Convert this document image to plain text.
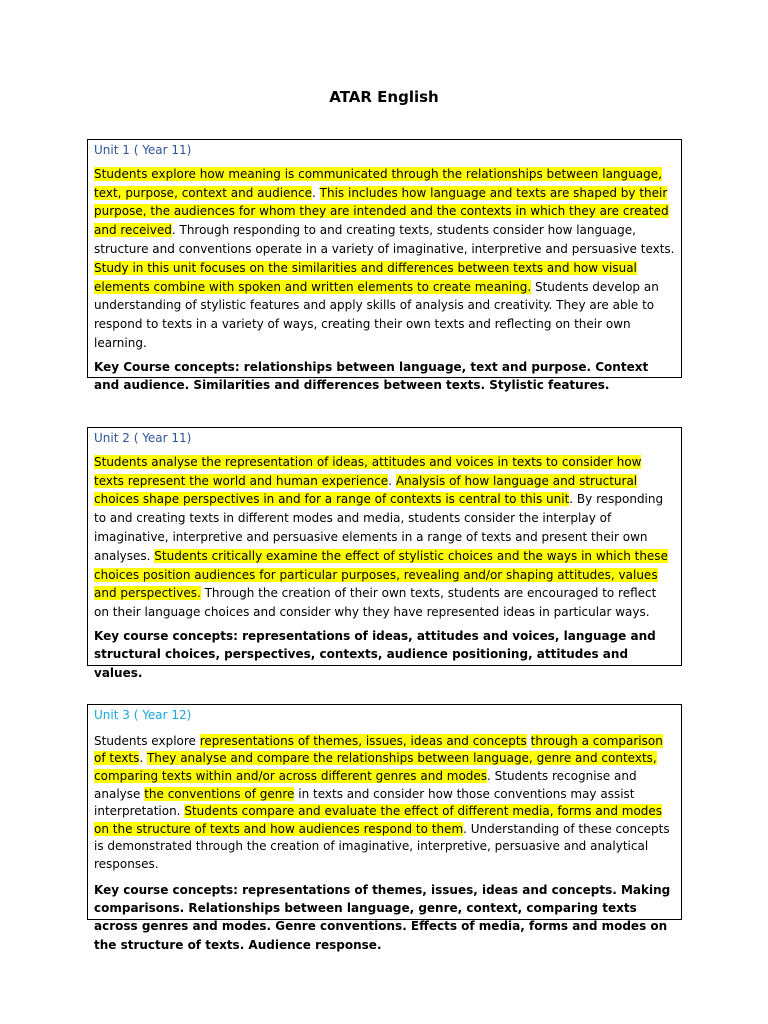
ATAR English
Unit 1 ( Year 11)

Students explore how meaning is communicated through the relationships between language, text, purpose, context and audience. This includes how language and texts are shaped by their purpose, the audiences for whom they are intended and the contexts in which they are created and received. Through responding to and creating texts, students consider how language, structure and conventions operate in a variety of imaginative, interpretive and persuasive texts. Study in this unit focuses on the similarities and differences between texts and how visual elements combine with spoken and written elements to create meaning. Students develop an understanding of stylistic features and apply skills of analysis and creativity. They are able to respond to texts in a variety of ways, creating their own texts and reflecting on their own learning.

Key Course concepts: relationships between language, text and purpose. Context and audience. Similarities and differences between texts. Stylistic features.
Unit 2 ( Year 11)

Students analyse the representation of ideas, attitudes and voices in texts to consider how texts represent the world and human experience. Analysis of how language and structural choices shape perspectives in and for a range of contexts is central to this unit. By responding to and creating texts in different modes and media, students consider the interplay of imaginative, interpretive and persuasive elements in a range of texts and present their own analyses. Students critically examine the effect of stylistic choices and the ways in which these choices position audiences for particular purposes, revealing and/or shaping attitudes, values and perspectives. Through the creation of their own texts, students are encouraged to reflect on their language choices and consider why they have represented ideas in particular ways.

Key course concepts: representations of ideas, attitudes and voices, language and structural choices, perspectives, contexts, audience positioning, attitudes and values.
Unit 3 ( Year 12)

Students explore representations of themes, issues, ideas and concepts through a comparison of texts. They analyse and compare the relationships between language, genre and contexts, comparing texts within and/or across different genres and modes. Students recognise and analyse the conventions of genre in texts and consider how those conventions may assist interpretation. Students compare and evaluate the effect of different media, forms and modes on the structure of texts and how audiences respond to them. Understanding of these concepts is demonstrated through the creation of imaginative, interpretive, persuasive and analytical responses.

Key course concepts: representations of themes, issues, ideas and concepts. Making comparisons. Relationships between language, genre, context, comparing texts across genres and modes. Genre conventions. Effects of media, forms and modes on the structure of texts. Audience response.
